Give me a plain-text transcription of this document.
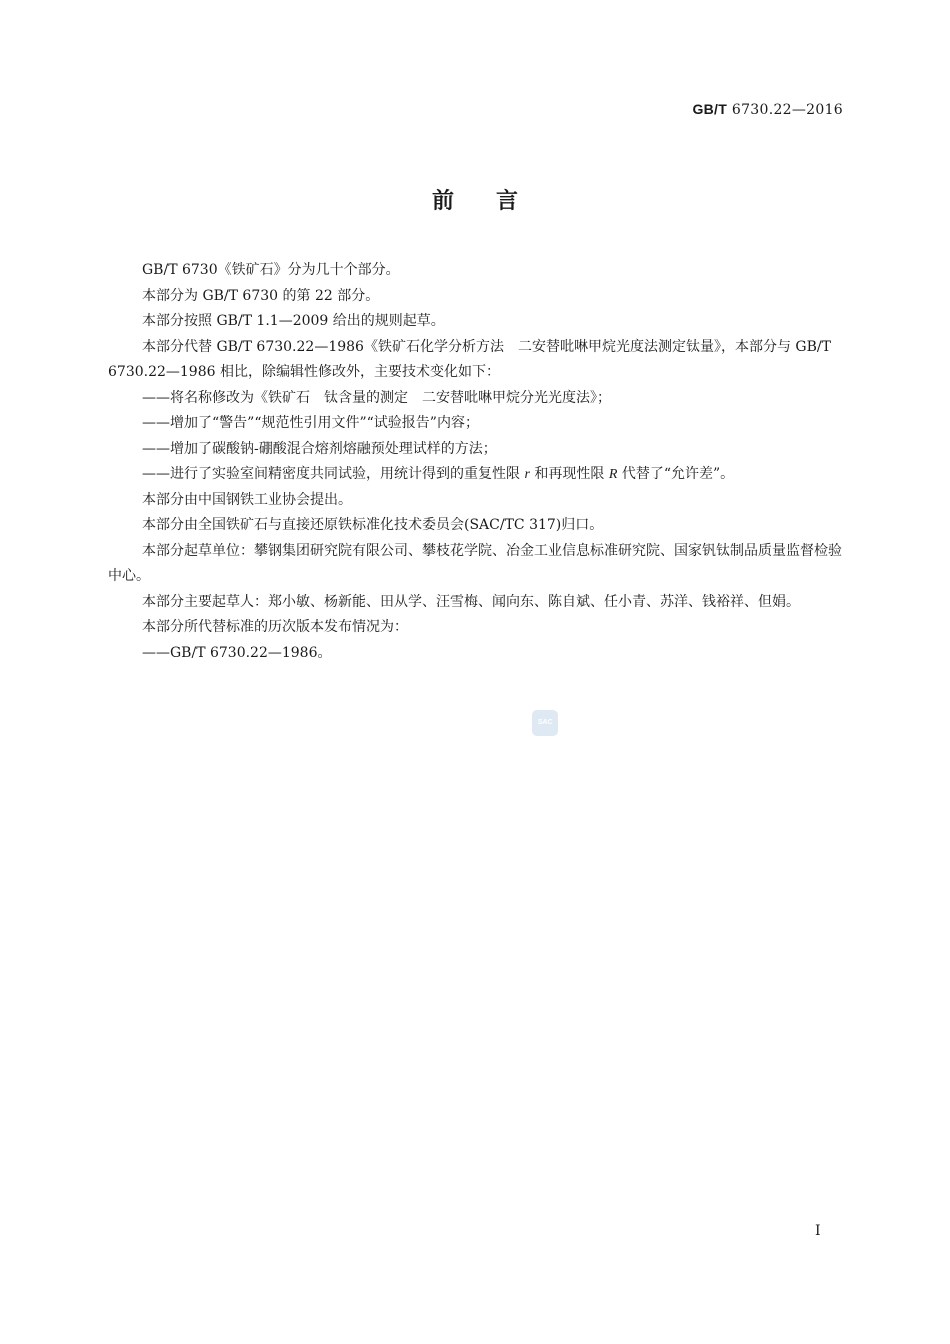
GB/T 6730.22—2016
前言

GB/T 6730《铁矿石》分为几十个部分。

本部分为 GB/T 6730 的第 22 部分。

本部分按照 GB/T 1.1—2009 给出的规则起草。

本部分代替 GB/T 6730.22—1986《铁矿石化学分析方法　二安替吡啉甲烷光度法测定钛量》，本部分与 GB/T 6730.22—1986 相比，除编辑性修改外，主要技术变化如下：

——将名称修改为《铁矿石　钛含量的测定　二安替吡啉甲烷分光光度法》；

——增加了“警告”“规范性引用文件”“试验报告”内容；

——增加了碳酸钠-硼酸混合熔剂熔融预处理试样的方法；

——进行了实验室间精密度共同试验，用统计得到的重复性限 r 和再现性限 R 代替了“允许差”。

本部分由中国钢铁工业协会提出。

本部分由全国铁矿石与直接还原铁标准化技术委员会(SAC/TC 317)归口。

本部分起草单位：攀钢集团研究院有限公司、攀枝花学院、冶金工业信息标准研究院、国家钒钛制品质量监督检验中心。

本部分主要起草人：郑小敏、杨新能、田从学、汪雪梅、闻向东、陈自斌、任小青、苏洋、钱裕祥、但娟。

本部分所代替标准的历次版本发布情况为：

——GB/T 6730.22—1986。

SAC
I
